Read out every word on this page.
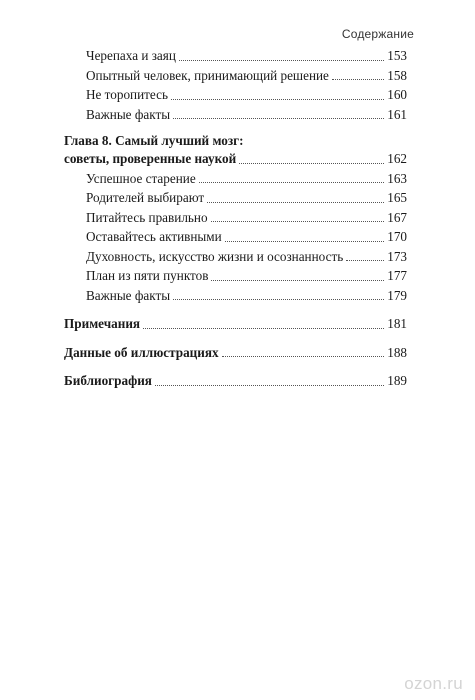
Содержание
Черепаха и заяц	153
Опытный человек, принимающий решение	158
Не торопитесь	160
Важные факты	161
Глава 8. Самый лучший мозг:
советы, проверенные наукой	162
Успешное старение	163
Родителей выбирают	165
Питайтесь правильно	167
Оставайтесь активными	170
Духовность, искусство жизни и осознанность	173
План из пяти пунктов	177
Важные факты	179
Примечания	181
Данные об иллюстрациях	188
Библиография	189
ozon.ru
